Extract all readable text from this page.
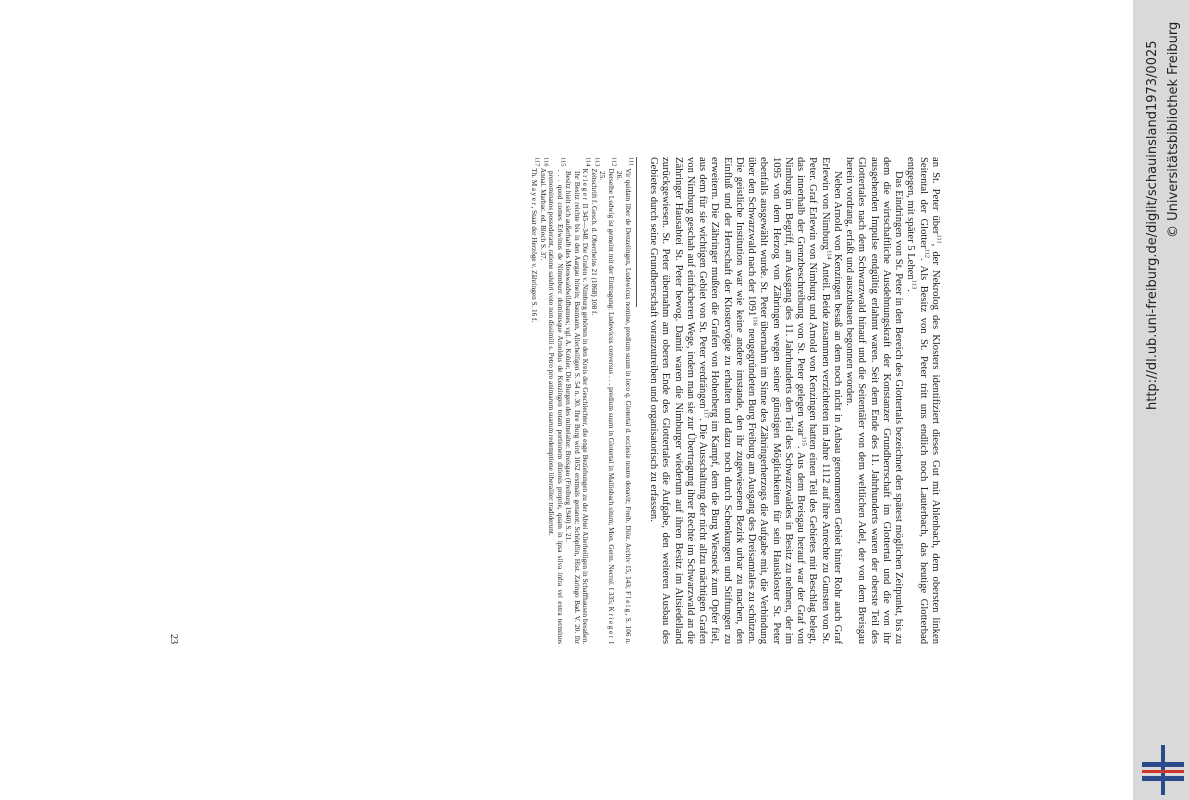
an St. Peter über$^{111}$, der Nekrolog des Klosters identifiziert dieses Gut mit Ahlenbach, dem obersten linken Seitental der Glotter$^{112}$. Als Besitz von St. Peter tritt uns endlich noch Lauterbach, das heutige Glotterbad entgegen, mit später 5 Lehen$^{113}$.

Das Eindringen von St. Peter in den Bereich des Glottertals bezeichnet den spätest möglichen Zeitpunkt, bis zu dem die wirtschaftliche Ausdehnungskraft der Konstanzer Grundherrschaft im Glottertal und die von ihr ausgehenden Impulse endgültig erlahmt waren. Seit dem Ende des 11. Jahrhunderts waren der oberste Teil des Glottertales nach dem Schwarzwald hinauf und die Seitentäler von dem weltlichen Adel, der von dem Breisgau herein vordrang, erfaßt und auszubauen begonnen worden.

Neben Arnold von Kenzingen besaß an dem noch nicht in Anbau genommenen Gebiet hinter Rohr auch Graf Erlewin von Nimburg$^{114}$ Anteil. Beide zusammen verzichteten im Jahre 1112 auf ihre Anrechte zu Gunsten von St. Peter. Graf Erlewin von Nimburg und Arnold von Kenzingen hatten einen Teil des Gebietes mit Beschlag belegt, das innerhalb der Grenzbeschreibung von St. Peter gelegen war$^{115}$. Aus dem Breisgau herauf war der Graf von Nimburg im Begriff, am Ausgang des 11. Jahrhunderts den Teil des Schwarzwaldes in Besitz zu nehmen, der im 1095 von dem Herzog von Zähringen wegen seiner günstigen Möglichkeiten für sein Hauskloster St. Peter ebenfalls ausgewählt wurde. St. Peter übernahm im Sinne des Zähringerherzogs die Aufgabe mit, die Verbindung über den Schwarzwald nach der 1091$^{116}$ neugegründeten Burg Freiburg am Ausgang des Dreisamtales zu schützen. Die geistliche Institution war wie keine andere imstande, den ihr zugewiesenen Bezirk urbar zu machen, den Einfluß und der Herrschaft der Klostervögte zu erhalten und dazu noch durch Schenkungen und Stiftungen zu erweitern. Die Zähringer mußten die Grafen von Hohenberg im Kampf, dem die Burg Wiesneck zum Opfer fiel, aus dem für sie wichtigen Gebiet von St. Peter verdrängen$^{117}$. Die Ausschaltung der nicht allzu mächtigen Grafen von Nimburg geschah auf einfacheren Wege, indem man sie zur Übertragung ihrer Rechte im Schwarzwald an die Zähringer Hausabtei St. Peter bewog. Damit waren die Nimburger wiederum auf ihren Besitz im Altsiedelland zurückgewiesen. St. Peter übernahm am oberen Ende des Glottertales die Aufgabe, den weiteren Ausbau des Gebietes durch seine Grundherrschaft voranzutreiben und organisatorisch zu erfassen.

$^{111}$ Vir quidam liber de Denzelingen, Ludewicus nomine, predium suum in loco q. Glotertal d. ecclesie nostre donavit; Freib. Diöz. Archiv 15, 143; Fleig, S. 106 n. 26.

$^{112}$ Derselbe Ludwig ist gemeint mit der Eintragung: Ludewicus conversus . . . predium suum in Glotertal in Mallinbach situm; Mon. Germ. Necrol. I 335; Krieger I 25.

$^{113}$ Zeitschrift f. Gesch. d. Oberrheins 21 (1868) 108 f.

$^{114}$ Krieger II 345—348. Die Grafen v. Nimburg gehörten in den Kreis der Geschlechter, die enge Beziehungen zu der Abtei Allerheiligen in Schaffhausen besaßen. Ihr Besitz reichte bis in den Aargau hinein; Baumann, Allerheiligen S. 54 n. 30. Ihre Burg wird 1052 erstmals genannt; Schöpflin, Hist. Zaringo Bad. V. 20. Ihr Besitz hielt sich außerhalb des Mooswaldwildbannes; vgl. A. Kohler, Die Burgen des mittelalter. Breisgau (Freiburg 1940) S. 21.

$^{115}$ . . . quod comes Erlwinus de Nimmburc dominusque Arnoldus de Kenzingen totam portionem ditionis proprie, quam in ipsa silva infra vel extra terminos prenominatos possederant, ratione salubri voto non dissimili s. Petro pro animarum suarum redemptione liberaliter tradiderunt.

$^{116}$ Annal. Marbac. ed. Bloch S. 37.

$^{117}$ Th. Mayer, Staat der Herzöge v. Zähringen S. 16 f.

23
http://dl.ub.uni-freiburg.de/diglit/schauinsland1973/0025 © Universitätsbibliothek Freiburg
